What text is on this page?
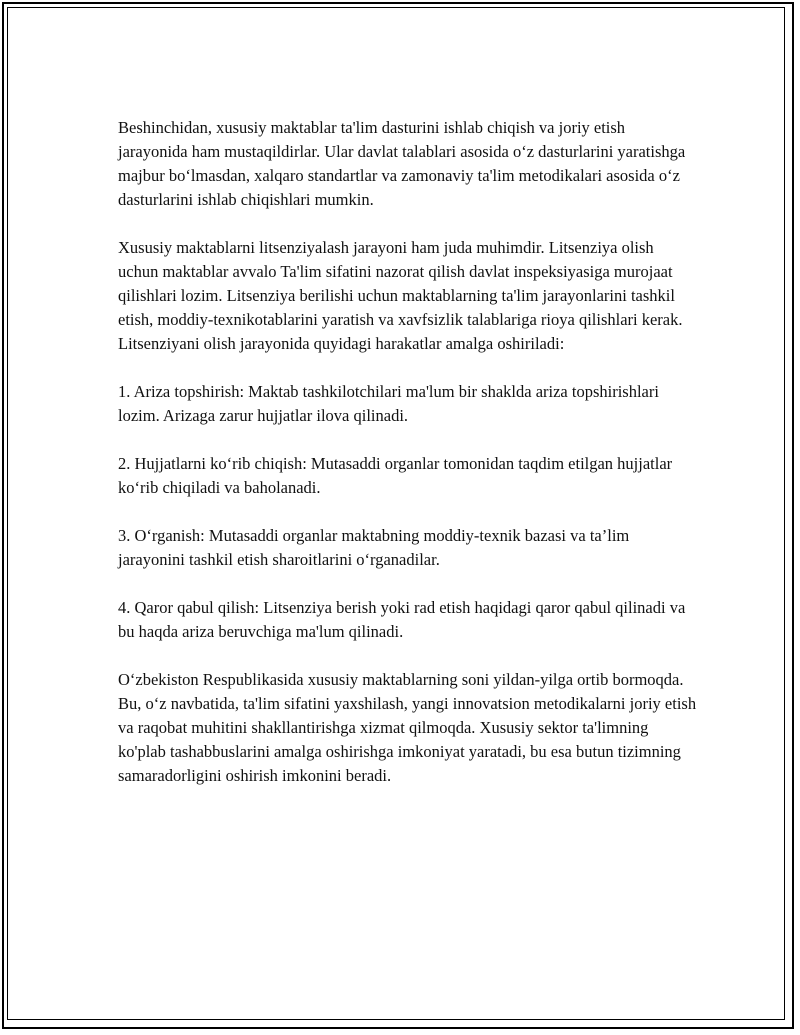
Beshinchidan, xususiy maktablar ta'lim dasturini ishlab chiqish va joriy etish jarayonida ham mustaqildirlar. Ular davlat talablari asosida o‘z dasturlarini yaratishga majbur bo‘lmasdan, xalqaro standartlar va zamonaviy ta'lim metodikalari asosida o‘z dasturlarini ishlab chiqishlari mumkin.

Xususiy maktablarni litsenziyalash jarayoni ham juda muhimdir. Litsenziya olish uchun maktablar avvalo Ta'lim sifatini nazorat qilish davlat inspeksiyasiga murojaat qilishlari lozim. Litsenziya berilishi uchun maktablarning ta'lim jarayonlarini tashkil etish, moddiy-texnikotablarini yaratish va xavfsizlik talablariga rioya qilishlari kerak. Litsenziyani olish jarayonida quyidagi harakatlar amalga oshiriladi:

1. Ariza topshirish: Maktab tashkilotchilari ma'lum bir shaklda ariza topshirishlari lozim. Arizaga zarur hujjatlar ilova qilinadi.

2. Hujjatlarni ko‘rib chiqish: Mutasaddi organlar tomonidan taqdim etilgan hujjatlar ko‘rib chiqiladi va baholanadi.

3. O‘rganish: Mutasaddi organlar maktabning moddiy-texnik bazasi va ta’lim jarayonini tashkil etish sharoitlarini o‘rganadilar.

4. Qaror qabul qilish: Litsenziya berish yoki rad etish haqidagi qaror qabul qilinadi va bu haqda ariza beruvchiga ma'lum qilinadi.

O‘zbekiston Respublikasida xususiy maktablarning soni yildan-yilga ortib bormoqda. Bu, o‘z navbatida, ta'lim sifatini yaxshilash, yangi innovatsion metodikalarni joriy etish va raqobat muhitini shakllantirishga xizmat qilmoqda. Xususiy sektor ta'limning ko'plab tashabbuslarini amalga oshirishga imkoniyat yaratadi, bu esa butun tizimning samaradorligini oshirish imkonini beradi.
